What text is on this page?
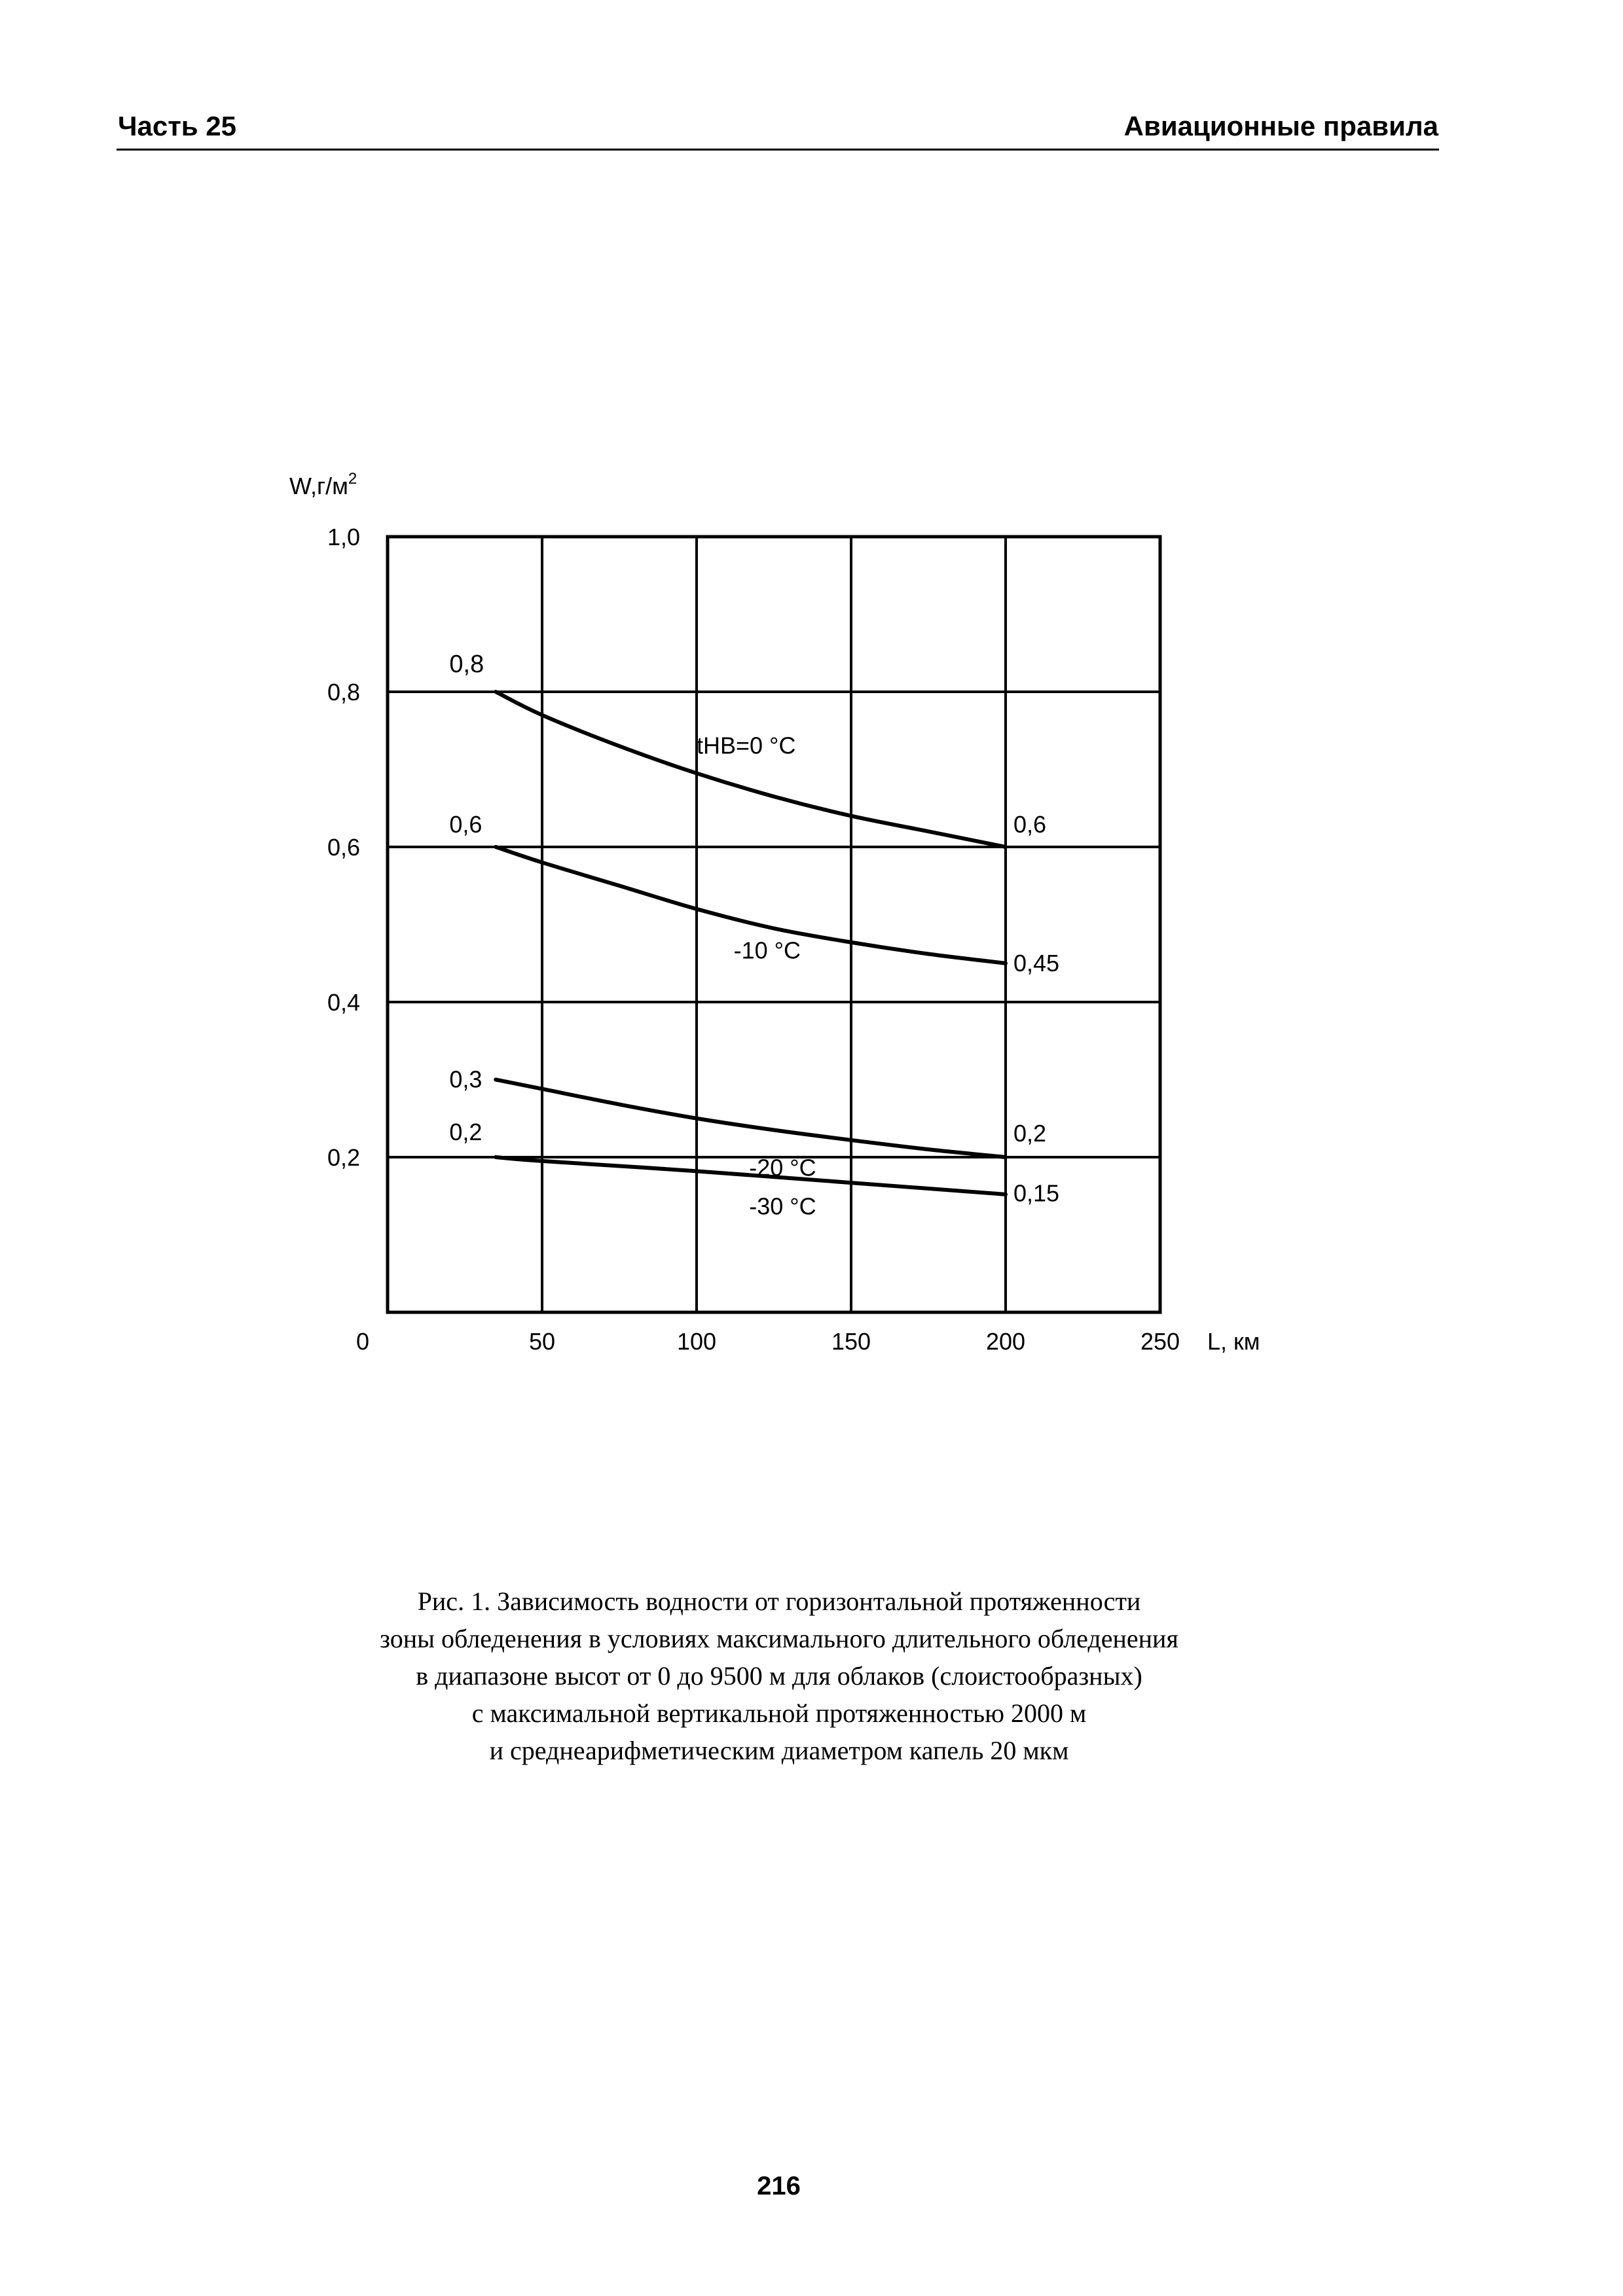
Часть 25	Авиационные правила
0	50	100	150	200	250
1,0
0,8
0,6
0,4
0,2
$W,г/м^2$
L, км
0,8
0,6
0,3
0,2
0,6
0,45
0,2
0,15
tНВ=0 °С
-10 °С
-20 °С
-30 °С
Рис. 1. Зависимость водности от горизонтальной протяженности
зоны обледенения в условиях максимального длительного обледенения
в диапазоне высот от 0 до 9500 м для облаков (слоистообразных)
с максимальной вертикальной протяженностью 2000 м
и среднеарифметическим диаметром капель 20 мкм
216
